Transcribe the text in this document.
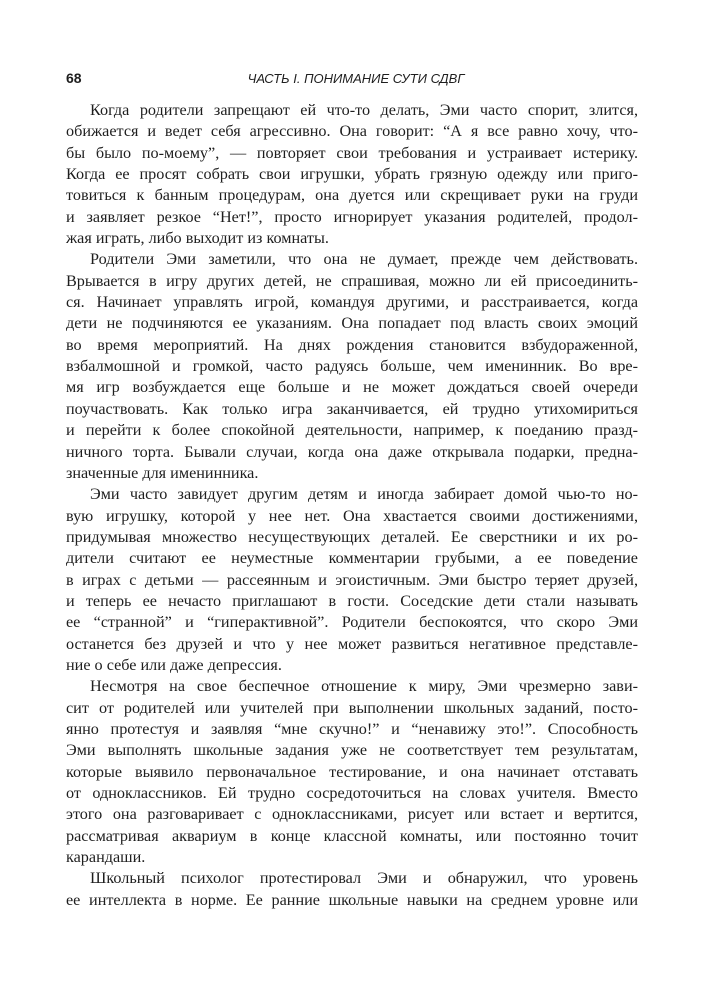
68	ЧАСТЬ I. ПОНИМАНИЕ СУТИ СДВГ
Когда родители запрещают ей что-то делать, Эми часто спорит, злится,
обижается и ведет себя агрессивно. Она говорит: “А я все равно хочу, что-
бы было по-моему”, — повторяет свои требования и устраивает истерику.
Когда ее просят собрать свои игрушки, убрать грязную одежду или приго-
товиться к банным процедурам, она дуется или скрещивает руки на груди
и заявляет резкое “Нет!”, просто игнорирует указания родителей, продол-
жая играть, либо выходит из комнаты.
Родители Эми заметили, что она не думает, прежде чем действовать.
Врывается в игру других детей, не спрашивая, можно ли ей присоединить-
ся. Начинает управлять игрой, командуя другими, и расстраивается, когда
дети не подчиняются ее указаниям. Она попадает под власть своих эмоций
во время мероприятий. На днях рождения становится взбудораженной,
взбалмошной и громкой, часто радуясь больше, чем именинник. Во вре-
мя игр возбуждается еще больше и не может дождаться своей очереди
поучаствовать. Как только игра заканчивается, ей трудно утихомириться
и перейти к более спокойной деятельности, например, к поеданию празд-
ничного торта. Бывали случаи, когда она даже открывала подарки, предна-
значенные для именинника.
Эми часто завидует другим детям и иногда забирает домой чью-то но-
вую игрушку, которой у нее нет. Она хвастается своими достижениями,
придумывая множество несуществующих деталей. Ее сверстники и их ро-
дители считают ее неуместные комментарии грубыми, а ее поведение
в играх с детьми — рассеянным и эгоистичным. Эми быстро теряет друзей,
и теперь ее нечасто приглашают в гости. Соседские дети стали называть
ее “странной” и “гиперактивной”. Родители беспокоятся, что скоро Эми
останется без друзей и что у нее может развиться негативное представле-
ние о себе или даже депрессия.
Несмотря на свое беспечное отношение к миру, Эми чрезмерно зави-
сит от родителей или учителей при выполнении школьных заданий, посто-
янно протестуя и заявляя “мне скучно!” и “ненавижу это!”. Способность
Эми выполнять школьные задания уже не соответствует тем результатам,
которые выявило первоначальное тестирование, и она начинает отставать
от одноклассников. Ей трудно сосредоточиться на словах учителя. Вместо
этого она разговаривает с одноклассниками, рисует или встает и вертится,
рассматривая аквариум в конце классной комнаты, или постоянно точит
карандаши.
Школьный психолог протестировал Эми и обнаружил, что уровень
ее интеллекта в норме. Ее ранние школьные навыки на среднем уровне или
